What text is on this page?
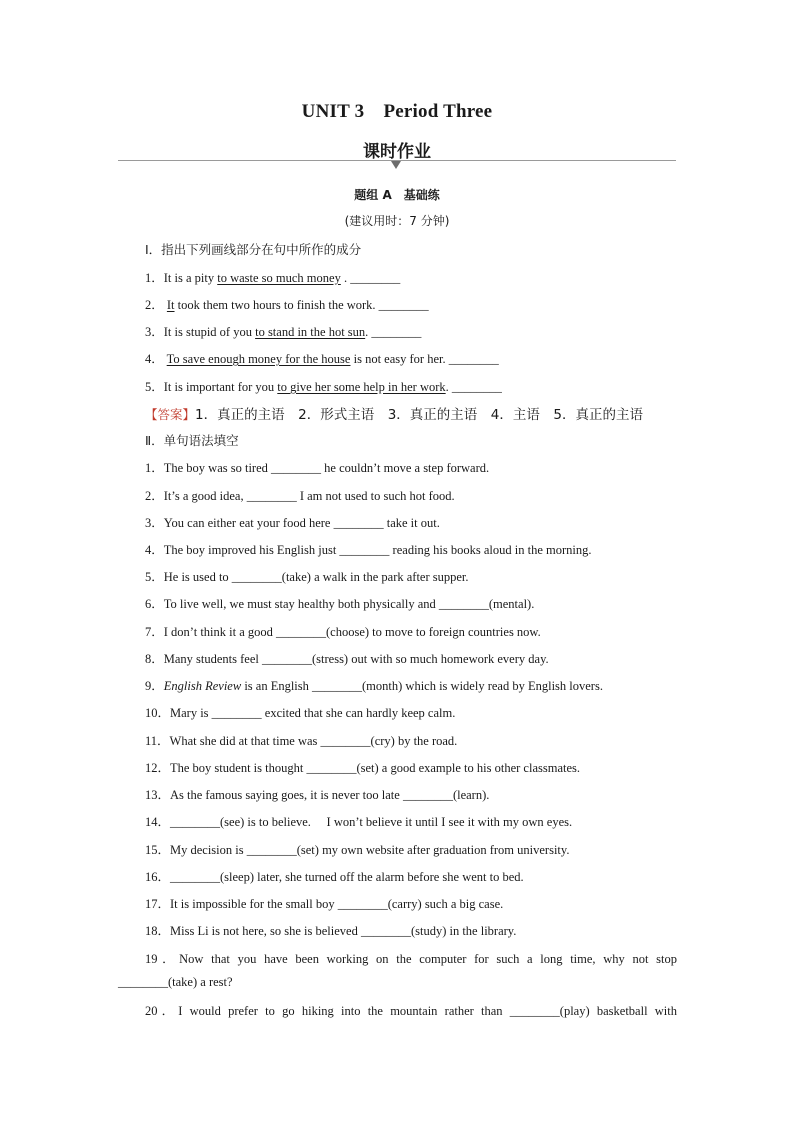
UNIT 3　Period Three
课时作业
题组 A　基础练
(建议用时：7 分钟)
Ⅰ．指出下列画线部分在句中所作的成分
1．It is a pity to waste so much money . ________
2． It took them two hours to finish the work. ________
3．It is stupid of you to stand in the hot sun. ________
4． To save enough money for the house is not easy for her. ________
5．It is important for you to give her some help in her work. ________
【答案】1．真正的主语　2．形式主语　3．真正的主语　4．主语　5．真正的主语
Ⅱ．单句语法填空
1．The boy was so tired ________ he couldn’t move a step forward.
2．It’s a good idea, ________ I am not used to such hot food.
3．You can either eat your food here ________ take it out.
4．The boy improved his English just ________ reading his books aloud in the morning.
5．He is used to ________(take) a walk in the park after supper.
6．To live well, we must stay healthy both physically and ________(mental).
7．I don’t think it a good ________(choose) to move to foreign countries now.
8．Many students feel ________(stress) out with so much homework every day.
9．English Review is an English ________(month) which is widely read by English lovers.
10．Mary is ________ excited that she can hardly keep calm.
11．What she did at that time was ________(cry) by the road.
12．The boy student is thought ________(set) a good example to his other classmates.
13．As the famous saying goes, it is never too late ________(learn).
14．________(see) is to believe.　 I won’t believe it until I see it with my own eyes.
15．My decision is ________(set) my own website after graduation from university.
16．________(sleep) later, she turned off the alarm before she went to bed.
17．It is impossible for the small boy ________(carry) such a big case.
18．Miss Li is not here, so she is believed ________(study) in the library.
19．Now that you have been working on the computer for such a long time, why not stop
________(take) a rest?
20．I would prefer to go hiking into the mountain rather than ________(play) basketball with
